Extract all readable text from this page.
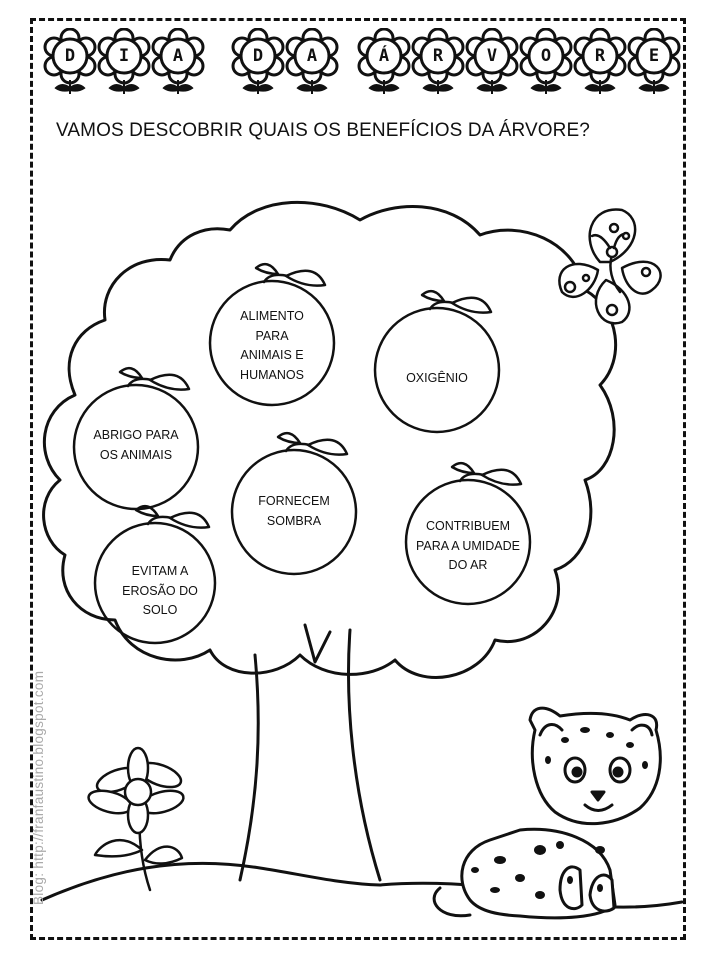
D	I	A	D	A	Á	R	V	O	R	E
VAMOS DESCOBRIR QUAIS OS BENEFÍCIOS DA ÁRVORE?
ALIMENTO
PARA
ANIMAIS E
HUMANOS	OXIGÊNIO
ABRIGO PARA
OS ANIMAIS
FORNECEM
SOMBRA	CONTRIBUEM
PARA A UMIDADE
DO AR
EVITAM A
EROSÃO DO
SOLO
Blog: http://franfaustino.blogspot.com
